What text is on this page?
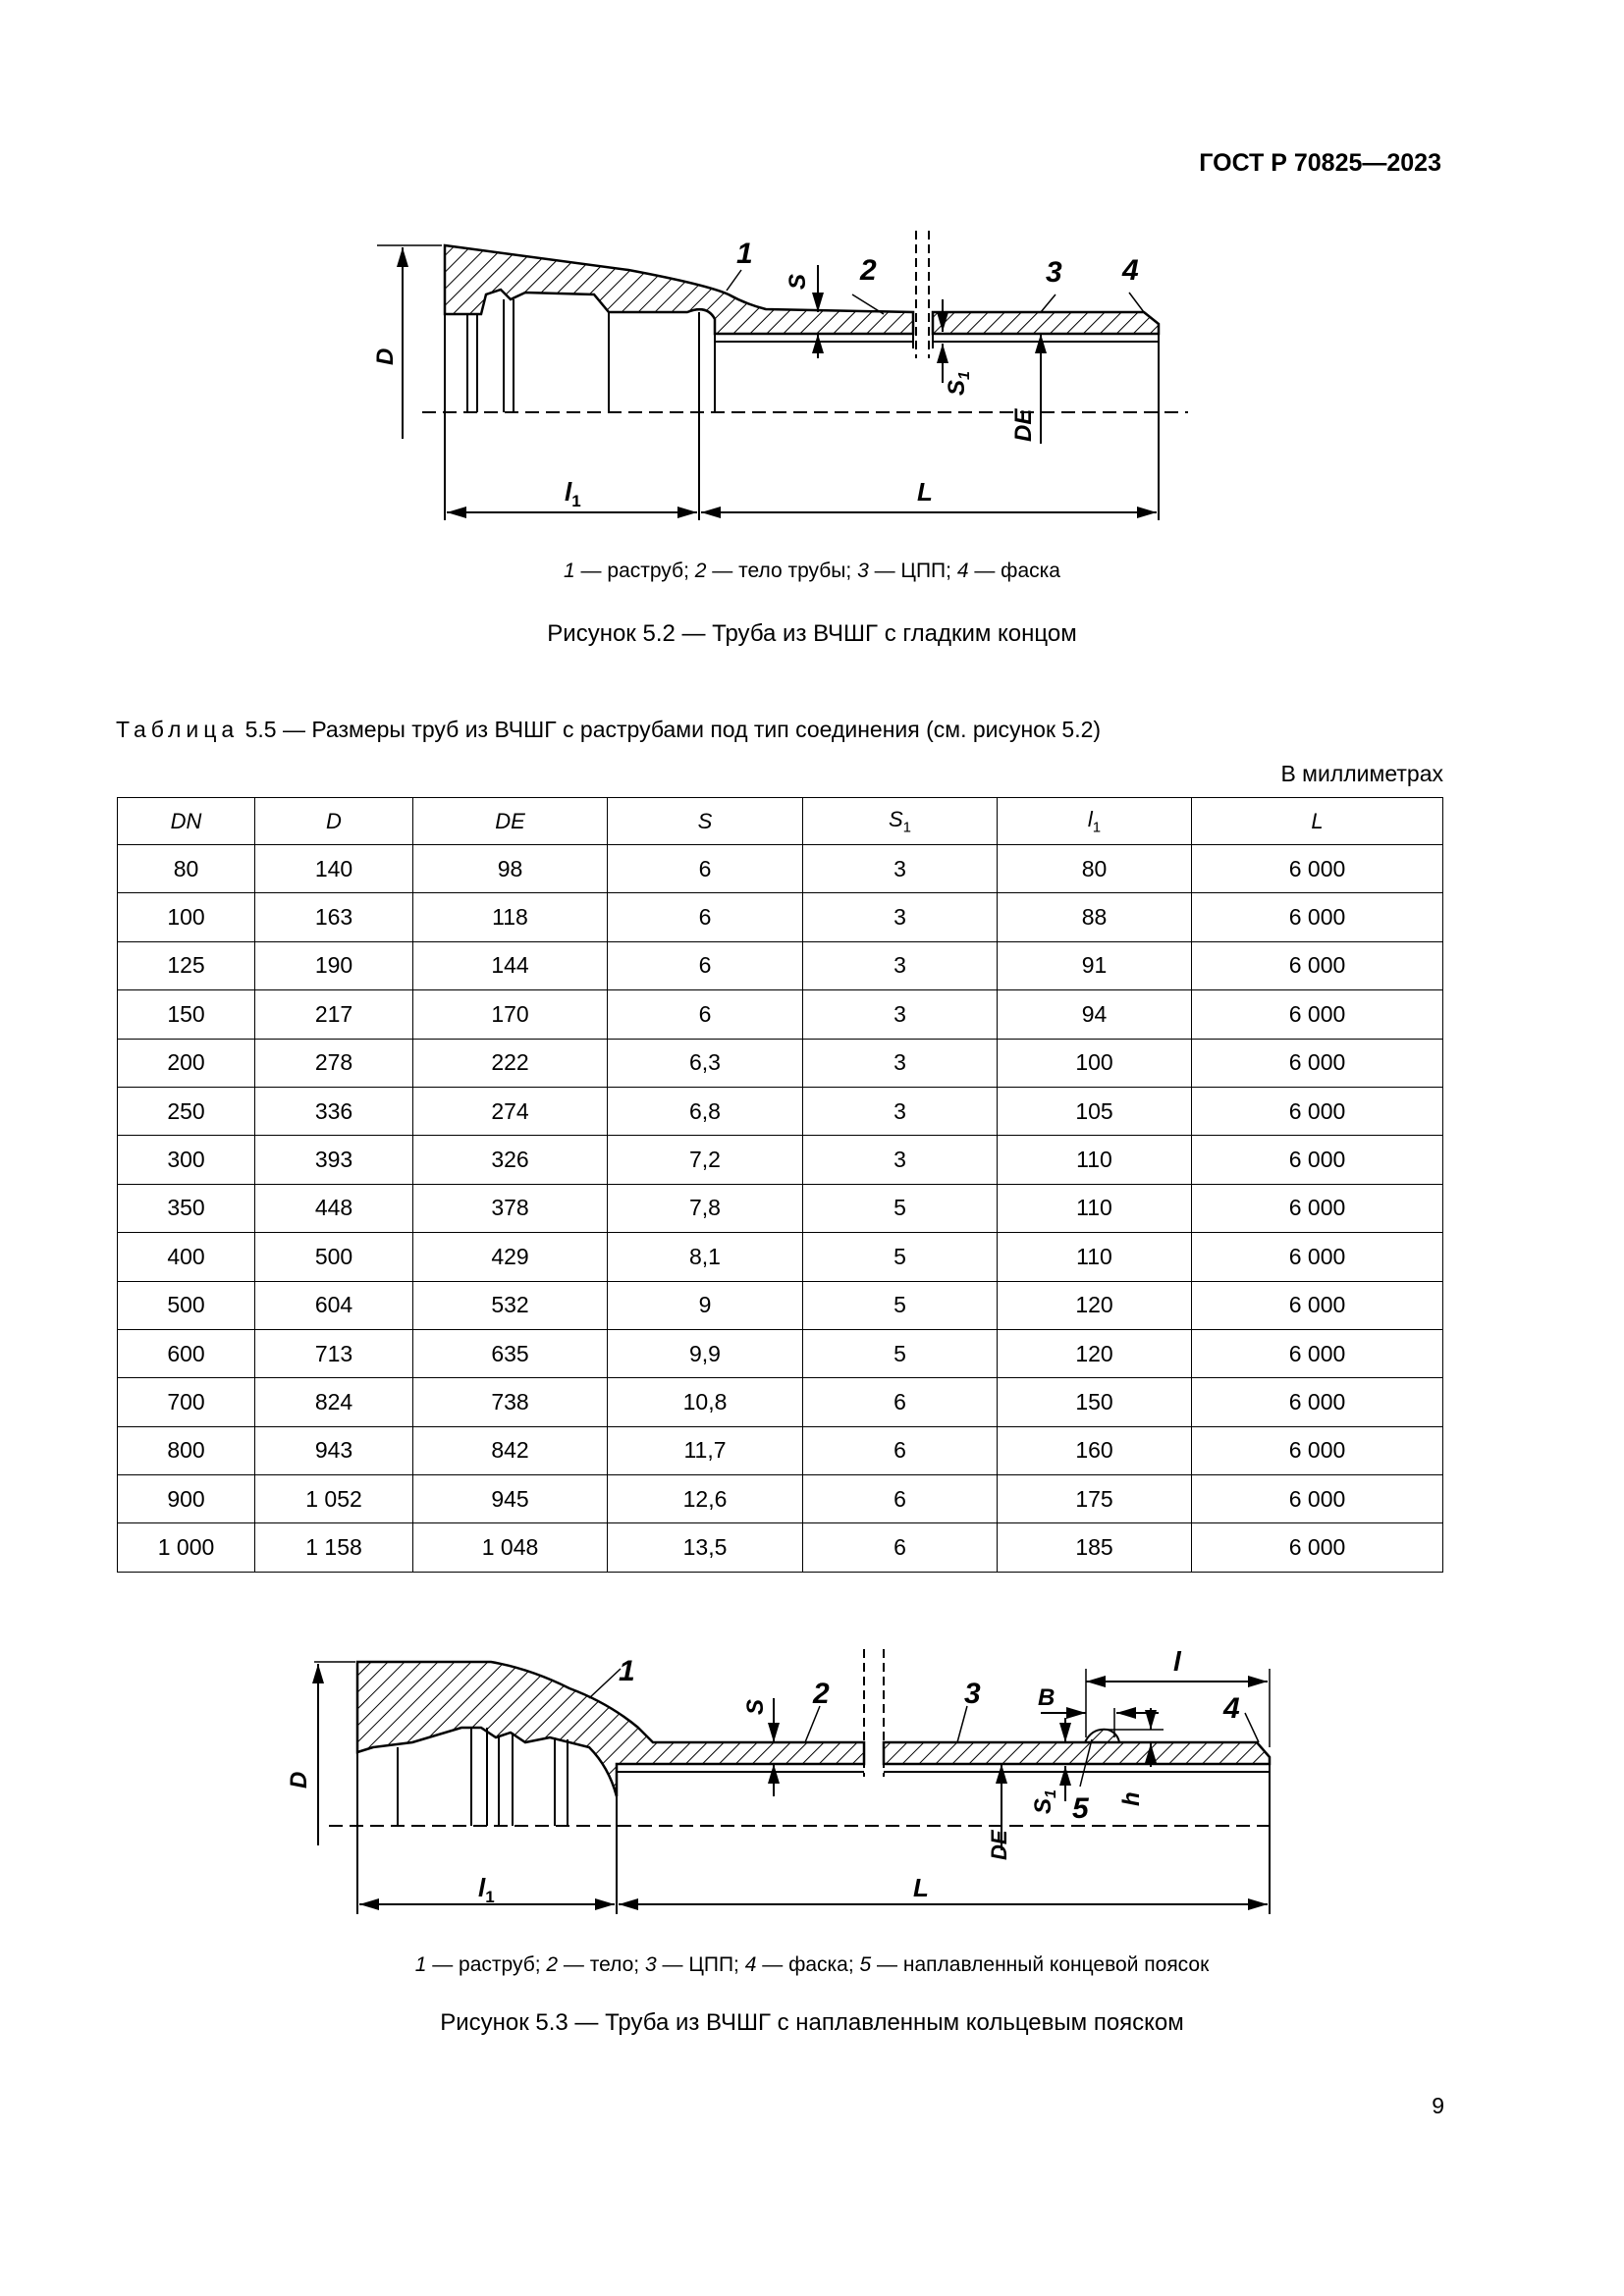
ГОСТ Р 70825—2023
1
2	3 4
D
S
$S_1$
DE
$l_1$	L
1 — раструб; 2 — тело трубы; 3 — ЦПП; 4 — фаска
Рисунок 5.2 — Труба из ВЧШГ с гладким концом
Таблица 5.5 — Размеры труб из ВЧШГ с раструбами под тип соединения (см. рисунок 5.2)
В миллиметрах
DN	D	DE	S	$S_1$	$l_1$	L
80	140	98	6	3	80	6 000
100	163	118	6	3	88	6 000
125	190	144	6	3	91	6 000
150	217	170	6	3	94	6 000
200	278	222	6,3	3	100	6 000
250	336	274	6,8	3	105	6 000
300	393	326	7,2	3	110	6 000
350	448	378	7,8	5	110	6 000
400	500	429	8,1	5	110	6 000
500	604	532	9	5	120	6 000
600	713	635	9,9	5	120	6 000
700	824	738	10,8	6	150	6 000
800	943	842	11,7	6	160	6 000
900	1 052	945	12,6	6	175	6 000
1 000	1 158	1 048	13,5	6	185	6 000
1
2	3	4
5
B
l
h
D
S
$S_1$
DE
$l_1$	L
1 — раструб; 2 — тело; 3 — ЦПП; 4 — фаска; 5 — наплавленный концевой поясок
Рисунок 5.3 — Труба из ВЧШГ с наплавленным кольцевым пояском
9
